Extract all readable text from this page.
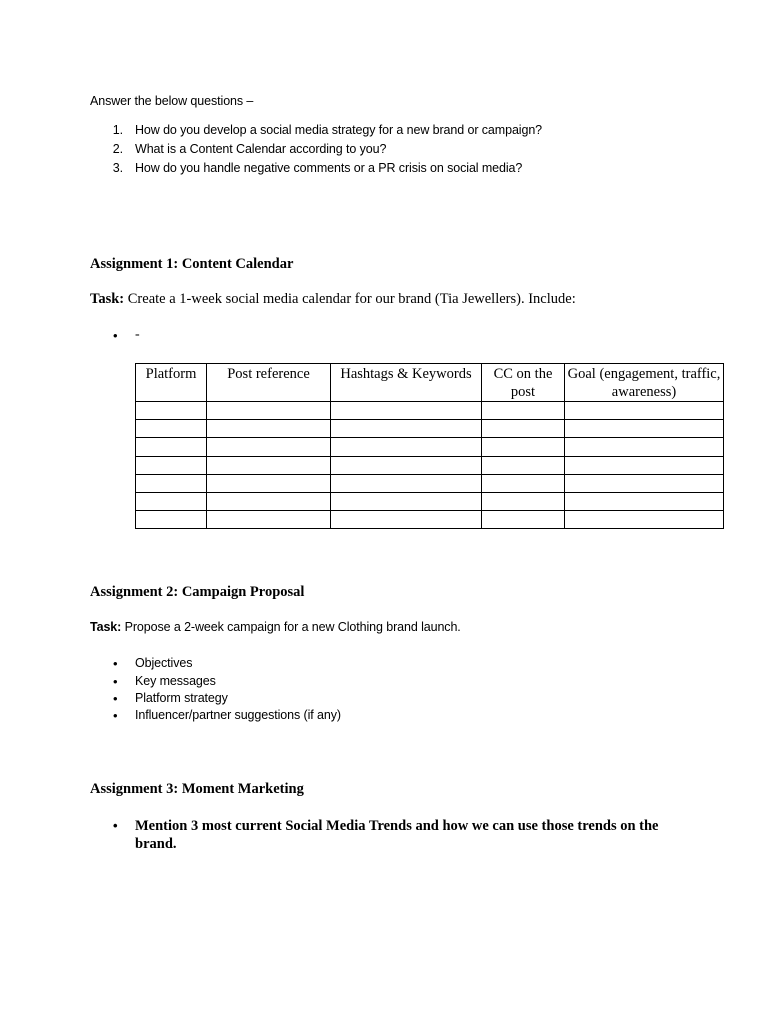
Answer the below questions –
1. How do you develop a social media strategy for a new brand or campaign?
2. What is a Content Calendar according to you?
3. How do you handle negative comments or a PR crisis on social media?
Assignment 1: Content Calendar
Task: Create a 1-week social media calendar for our brand (Tia Jewellers). Include:
• -
Platform	Post reference	Hashtags & Keywords	CC on the post	Goal (engagement, traffic, awareness)

Assignment 2: Campaign Proposal
Task: Propose a 2-week campaign for a new Clothing brand launch.
• Objectives
• Key messages
• Platform strategy
• Influencer/partner suggestions (if any)
Assignment 3: Moment Marketing
• Mention 3 most current Social Media Trends and how we can use those trends on the brand.
